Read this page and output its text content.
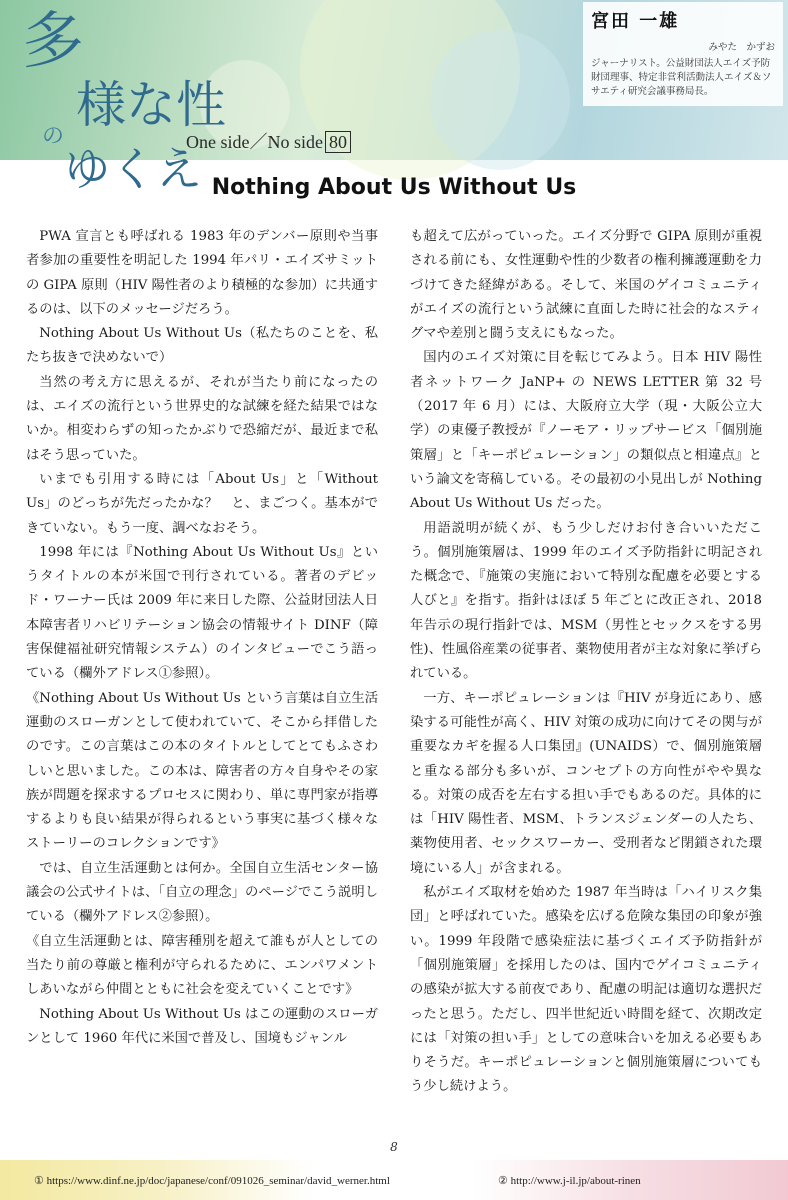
多
様な性
の
ゆくえ
One side／No side 80
宮田 一雄
みやた　かずお
ジャーナリスト。公益財団法人エイズ予防財団理事、特定非営利活動法人エイズ＆ソサエティ研究会議事務局長。
Nothing About Us Without Us

PWA 宣言とも呼ばれる 1983 年のデンバー原則や当事者参加の重要性を明記した 1994 年パリ・エイズサミットの GIPA 原則（HIV 陽性者のより積極的な参加）に共通するのは、以下のメッセージだろう。

Nothing About Us Without Us（私たちのことを、私たち抜きで決めないで）

当然の考え方に思えるが、それが当たり前になったのは、エイズの流行という世界史的な試練を経た結果ではないか。相変わらずの知ったかぶりで恐縮だが、最近まで私はそう思っていた。

いまでも引用する時には「About Us」と「Without Us」のどっちが先だったかな？　と、まごつく。基本ができていない。もう一度、調べなおそう。

1998 年には『Nothing About Us Without Us』というタイトルの本が米国で刊行されている。著者のデビッド・ワーナー氏は 2009 年に来日した際、公益財団法人日本障害者リハビリテーション協会の情報サイト DINF（障害保健福祉研究情報システム）のインタビューでこう語っている（欄外アドレス①参照）。

《Nothing About Us Without Us という言葉は自立生活運動のスローガンとして使われていて、そこから拝借したのです。この言葉はこの本のタイトルとしてとてもふさわしいと思いました。この本は、障害者の方々自身やその家族が問題を探求するプロセスに関わり、単に専門家が指導するよりも良い結果が得られるという事実に基づく様々なストーリーのコレクションです》

では、自立生活運動とは何か。全国自立生活センター協議会の公式サイトは、「自立の理念」のページでこう説明している（欄外アドレス②参照）。

《自立生活運動とは、障害種別を超えて誰もが人としての当たり前の尊厳と権利が守られるために、エンパワメントしあいながら仲間とともに社会を変えていくことです》

Nothing About Us Without Us はこの運動のスローガンとして 1960 年代に米国で普及し、国境もジャンル

も超えて広がっていった。エイズ分野で GIPA 原則が重視される前にも、女性運動や性的少数者の権利擁護運動を力づけてきた経緯がある。そして、米国のゲイコミュニティがエイズの流行という試練に直面した時に社会的なスティグマや差別と闘う支えにもなった。

国内のエイズ対策に目を転じてみよう。日本 HIV 陽性者ネットワーク JaNP+ の NEWS LETTER 第 32 号（2017 年 6 月）には、大阪府立大学（現・大阪公立大学）の東優子教授が『ノーモア・リップサービス「個別施策層」と「キーポピュレーション」の類似点と相違点』という論文を寄稿している。その最初の小見出しが Nothing About Us Without Us だった。

用語説明が続くが、もう少しだけお付き合いいただこう。個別施策層は、1999 年のエイズ予防指針に明記された概念で、『施策の実施において特別な配慮を必要とする人びと』を指す。指針はほぼ 5 年ごとに改正され、2018 年告示の現行指針では、MSM（男性とセックスをする男性)、性風俗産業の従事者、薬物使用者が主な対象に挙げられている。

一方、キーポピュレーションは『HIV が身近にあり、感染する可能性が高く、HIV 対策の成功に向けてその関与が重要なカギを握る人口集団』(UNAIDS）で、個別施策層と重なる部分も多いが、コンセプトの方向性がやや異なる。対策の成否を左右する担い手でもあるのだ。具体的には「HIV 陽性者、MSM、トランスジェンダーの人たち、薬物使用者、セックスワーカー、受刑者など閉鎖された環境にいる人」が含まれる。

私がエイズ取材を始めた 1987 年当時は「ハイリスク集団」と呼ばれていた。感染を広げる危険な集団の印象が強い。1999 年段階で感染症法に基づくエイズ予防指針が「個別施策層」を採用したのは、国内でゲイコミュニティの感染が拡大する前夜であり、配慮の明記は適切な選択だったと思う。ただし、四半世紀近い時間を経て、次期改定には「対策の担い手」としての意味合いを加える必要もありそうだ。キーポピュレーションと個別施策層についてもう少し続けよう。

8
① https://www.dinf.ne.jp/doc/japanese/conf/091026_seminar/david_werner.html	② http://www.j-il.jp/about-rinen
